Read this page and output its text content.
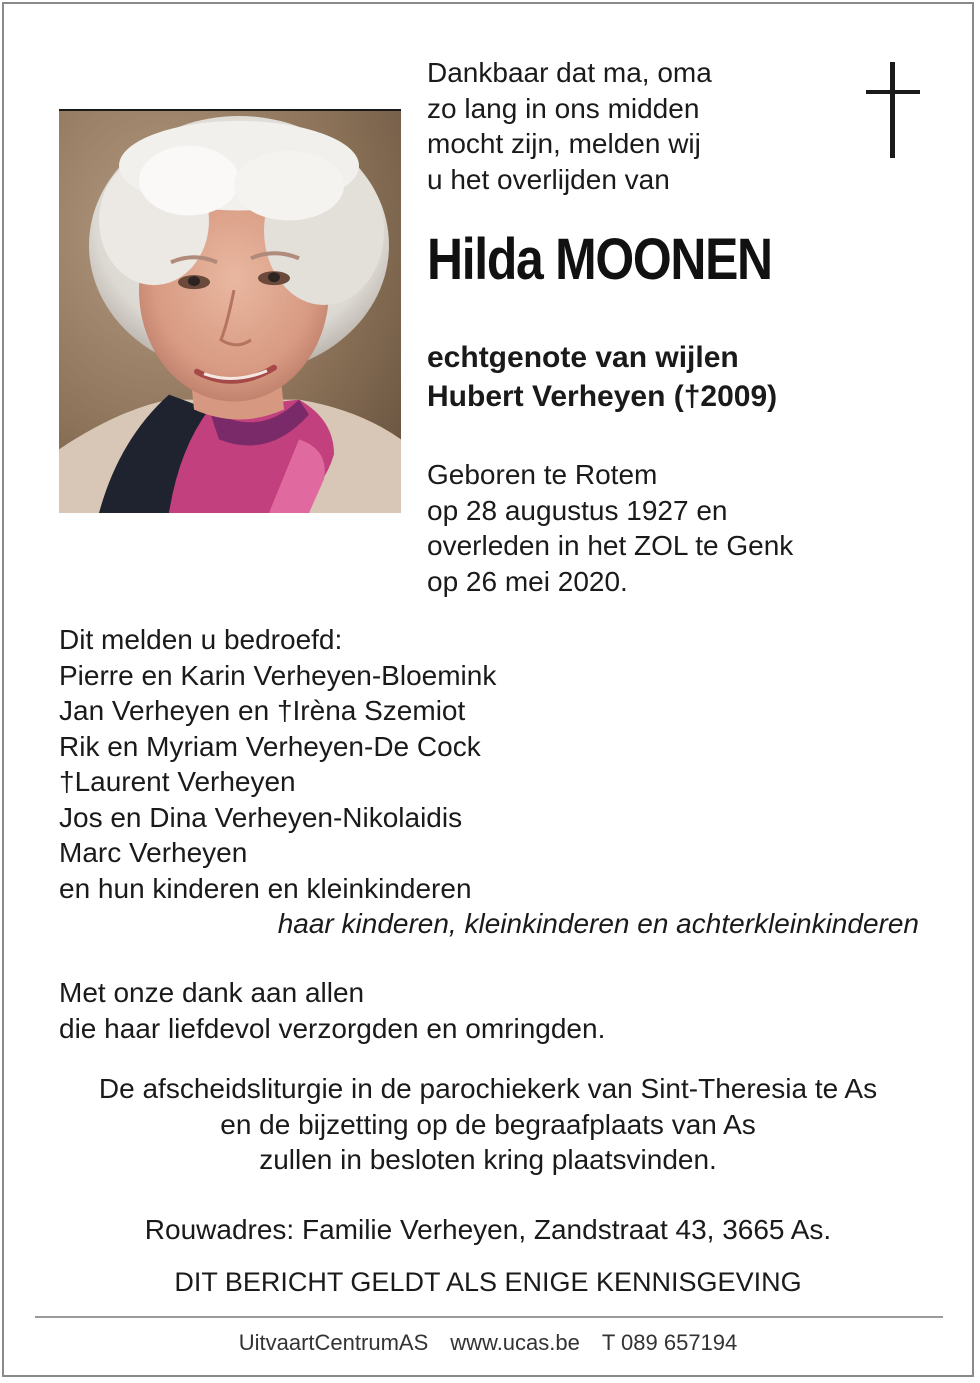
Dankbaar dat ma, oma
zo lang in ons midden
mocht zijn, melden wij
u het overlijden van
Hilda MOONEN
echtgenote van wijlen
Hubert Verheyen (†2009)
Geboren te Rotem
op 28 augustus 1927 en
overleden in het ZOL te Genk
op 26 mei 2020.
Dit melden u bedroefd:
Pierre en Karin Verheyen-Bloemink
Jan Verheyen en †Irèna Szemiot
Rik en Myriam Verheyen-De Cock
†Laurent Verheyen
Jos en Dina Verheyen-Nikolaidis
Marc Verheyen
en hun kinderen en kleinkinderen
haar kinderen, kleinkinderen en achterkleinkinderen
Met onze dank aan allen
die haar liefdevol verzorgden en omringden.
De afscheidsliturgie in de parochiekerk van Sint-Theresia te As
en de bijzetting op de begraafplaats van As
zullen in besloten kring plaatsvinden.
Rouwadres: Familie Verheyen, Zandstraat 43, 3665 As.
DIT BERICHT GELDT ALS ENIGE KENNISGEVING
UitvaartCentrumAS www.ucas.be T 089 657194
